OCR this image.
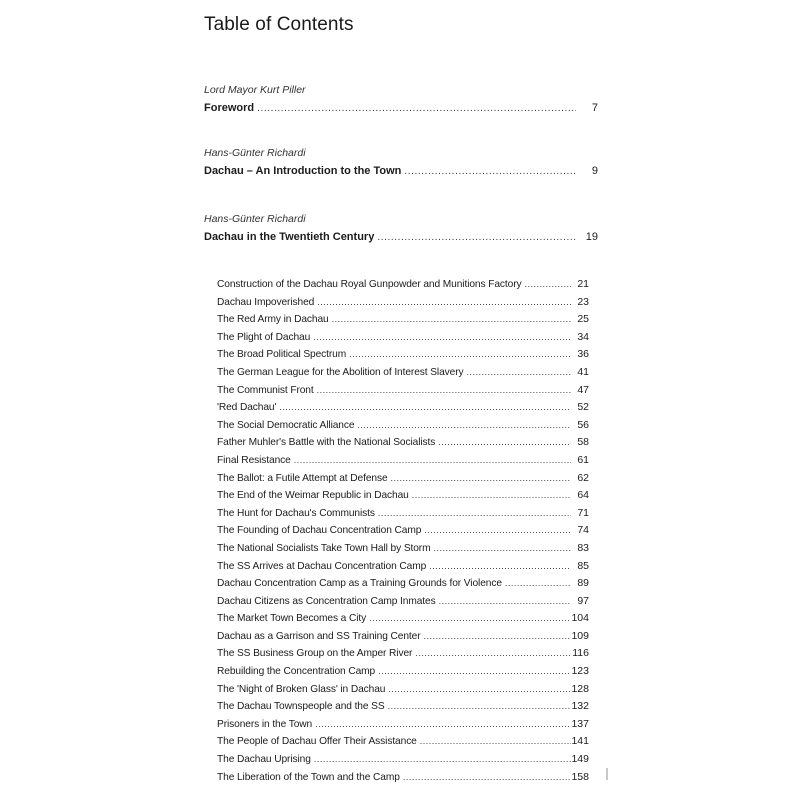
Table of Contents
Lord Mayor Kurt Piller
Foreword .....	7
Hans-Günter Richardi
Dachau – An Introduction to the Town .....	9
Hans-Günter Richardi
Dachau in the Twentieth Century .....	19
Construction of the Dachau Royal Gunpowder and Munitions Factory .....	21
Dachau Impoverished .....	23
The Red Army in Dachau .....	25
The Plight of Dachau .....	34
The Broad Political Spectrum .....	36
The German League for the Abolition of Interest Slavery .....	41
The Communist Front .....	47
'Red Dachau' .....	52
The Social Democratic Alliance .....	56
Father Muhler's Battle with the National Socialists .....	58
Final Resistance .....	61
The Ballot: a Futile Attempt at Defense .....	62
The End of the Weimar Republic in Dachau .....	64
The Hunt for Dachau's Communists .....	71
The Founding of Dachau Concentration Camp .....	74
The National Socialists Take Town Hall by Storm .....	83
The SS Arrives at Dachau Concentration Camp .....	85
Dachau Concentration Camp as a Training Grounds for Violence .....	89
Dachau Citizens as Concentration Camp Inmates .....	97
The Market Town Becomes a City .....	104
Dachau as a Garrison and SS Training Center .....	109
The SS Business Group on the Amper River .....	116
Rebuilding the Concentration Camp .....	123
The 'Night of Broken Glass' in Dachau .....	128
The Dachau Townspeople and the SS .....	132
Prisoners in the Town .....	137
The People of Dachau Offer Their Assistance .....	141
The Dachau Uprising .....	149
The Liberation of the Town and the Camp .....	158
